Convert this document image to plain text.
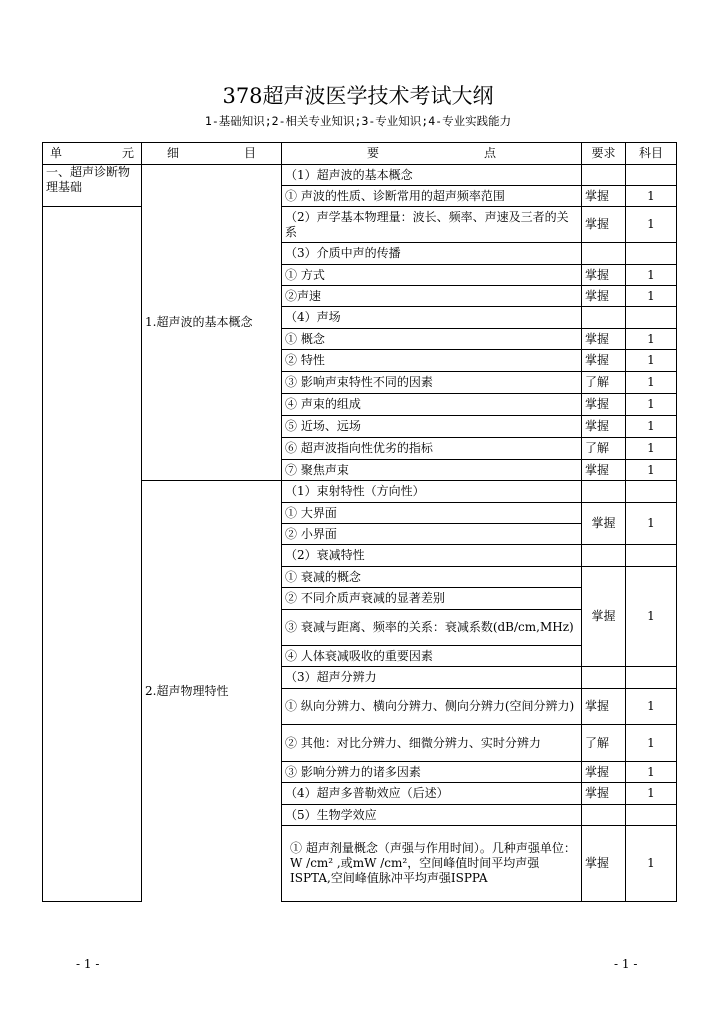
378超声波医学技术考试大纲
1-基础知识;2-相关专业知识;3-专业知识;4-专业实践能力
单 元	细 目	要 点	要求	科目
一、超声诊断物理基础	1.超声波的基本概念	（1）超声波的基本概念		
		① 声波的性质、诊断常用的超声频率范围	掌握	1
		（2）声学基本物理量：波长、频率、声速及三者的关系	掌握	1
		（3）介质中声的传播		
		① 方式	掌握	1
		②声速	掌握	1
		（4）声场		
		① 概念	掌握	1
		② 特性	掌握	1
		③ 影响声束特性不同的因素	了解	1
		④ 声束的组成	掌握	1
		⑤ 近场、远场	掌握	1
		⑥ 超声波指向性优劣的指标	了解	1
		⑦ 聚焦声束	掌握	1
	2.超声物理特性	（1）束射特性（方向性）		
		① 大界面	掌握	1
		② 小界面		
		（2）衰减特性		
		① 衰减的概念	掌握	1
		② 不同介质声衰减的显著差别		
		③ 衰减与距离、频率的关系：衰减系数(dB/cm,MHz)		
		④ 人体衰减吸收的重要因素		
		（3）超声分辨力		
		① 纵向分辨力、横向分辨力、侧向分辨力(空间分辨力)	掌握	1
		② 其他：对比分辨力、细微分辨力、实时分辨力	了解	1
		③ 影响分辨力的诸多因素	掌握	1
		（4）超声多普勒效应（后述）	掌握	1
		（5）生物学效应		
		① 超声剂量概念（声强与作用时间）。几种声强单位：W /cm² ,或mW /cm²，空间峰值时间平均声强ISPTA,空间峰值脉冲平均声强ISPPA	掌握	1
- 1 -	- 1 -
